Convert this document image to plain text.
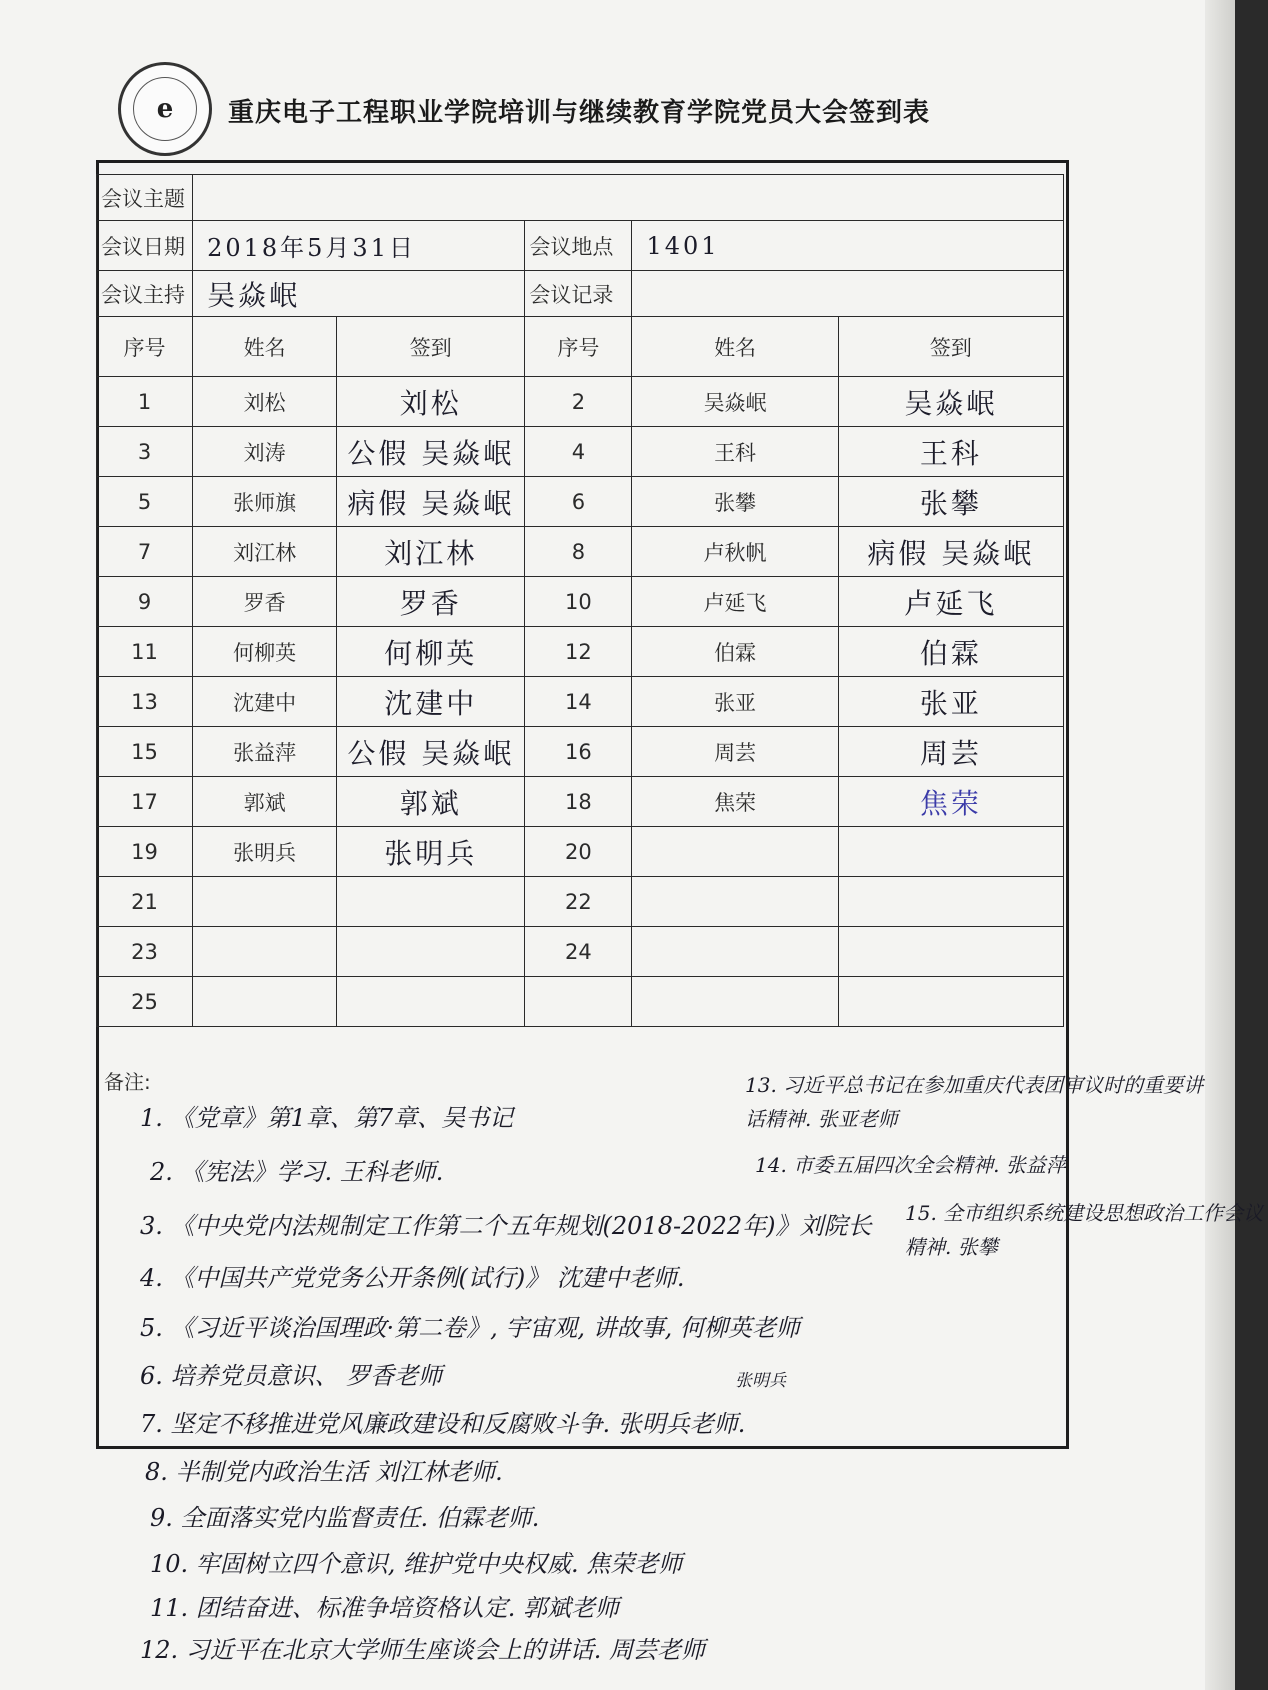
e	重庆电子工程职业学院培训与继续教育学院党员大会签到表
会议主题					
会议日期	2018年5月31日		会议地点	1401	
会议主持	吴焱岷		会议记录		
序号	姓名	签到	序号	姓名	签到
1	刘松	刘松	2	吴焱岷	吴焱岷
3	刘涛	公假 吴焱岷	4	王科	王科
5	张师旗	病假 吴焱岷	6	张攀	张攀
7	刘江林	刘江林	8	卢秋帆	病假 吴焱岷
9	罗香	罗香	10	卢延飞	卢延飞
11	何柳英	何柳英	12	伯霖	伯霖
13	沈建中	沈建中	14	张亚	张亚
15	张益萍	公假 吴焱岷	16	周芸	周芸
17	郭斌	郭斌	18	焦荣	焦荣
19	张明兵	张明兵	20		
21			22		
23			24		
25					
备注:
1. 《党章》第1章、第7章、吴书记
2. 《宪法》学习. 王科老师.
3. 《中央党内法规制定工作第二个五年规划(2018-2022年)》刘院长
4. 《中国共产党党务公开条例(试行)》 沈建中老师.
5. 《习近平谈治国理政·第二卷》, 宇宙观, 讲故事, 何柳英老师
6. 培养党员意识、 罗香老师
7. 坚定不移推进党风廉政建设和反腐败斗争. 张明兵老师.
8. 半制党内政治生活 刘江林老师.
9. 全面落实党内监督责任. 伯霖老师.
10. 牢固树立四个意识, 维护党中央权威. 焦荣老师
11. 团结奋进、标准争培资格认定. 郭斌老师
12. 习近平在北京大学师生座谈会上的讲话. 周芸老师
13. 习近平总书记在参加重庆代表团审议时的重要讲话精神. 张亚老师
14. 市委五届四次全会精神. 张益萍
15. 全市组织系统建设思想政治工作会议精神. 张攀
张明兵
